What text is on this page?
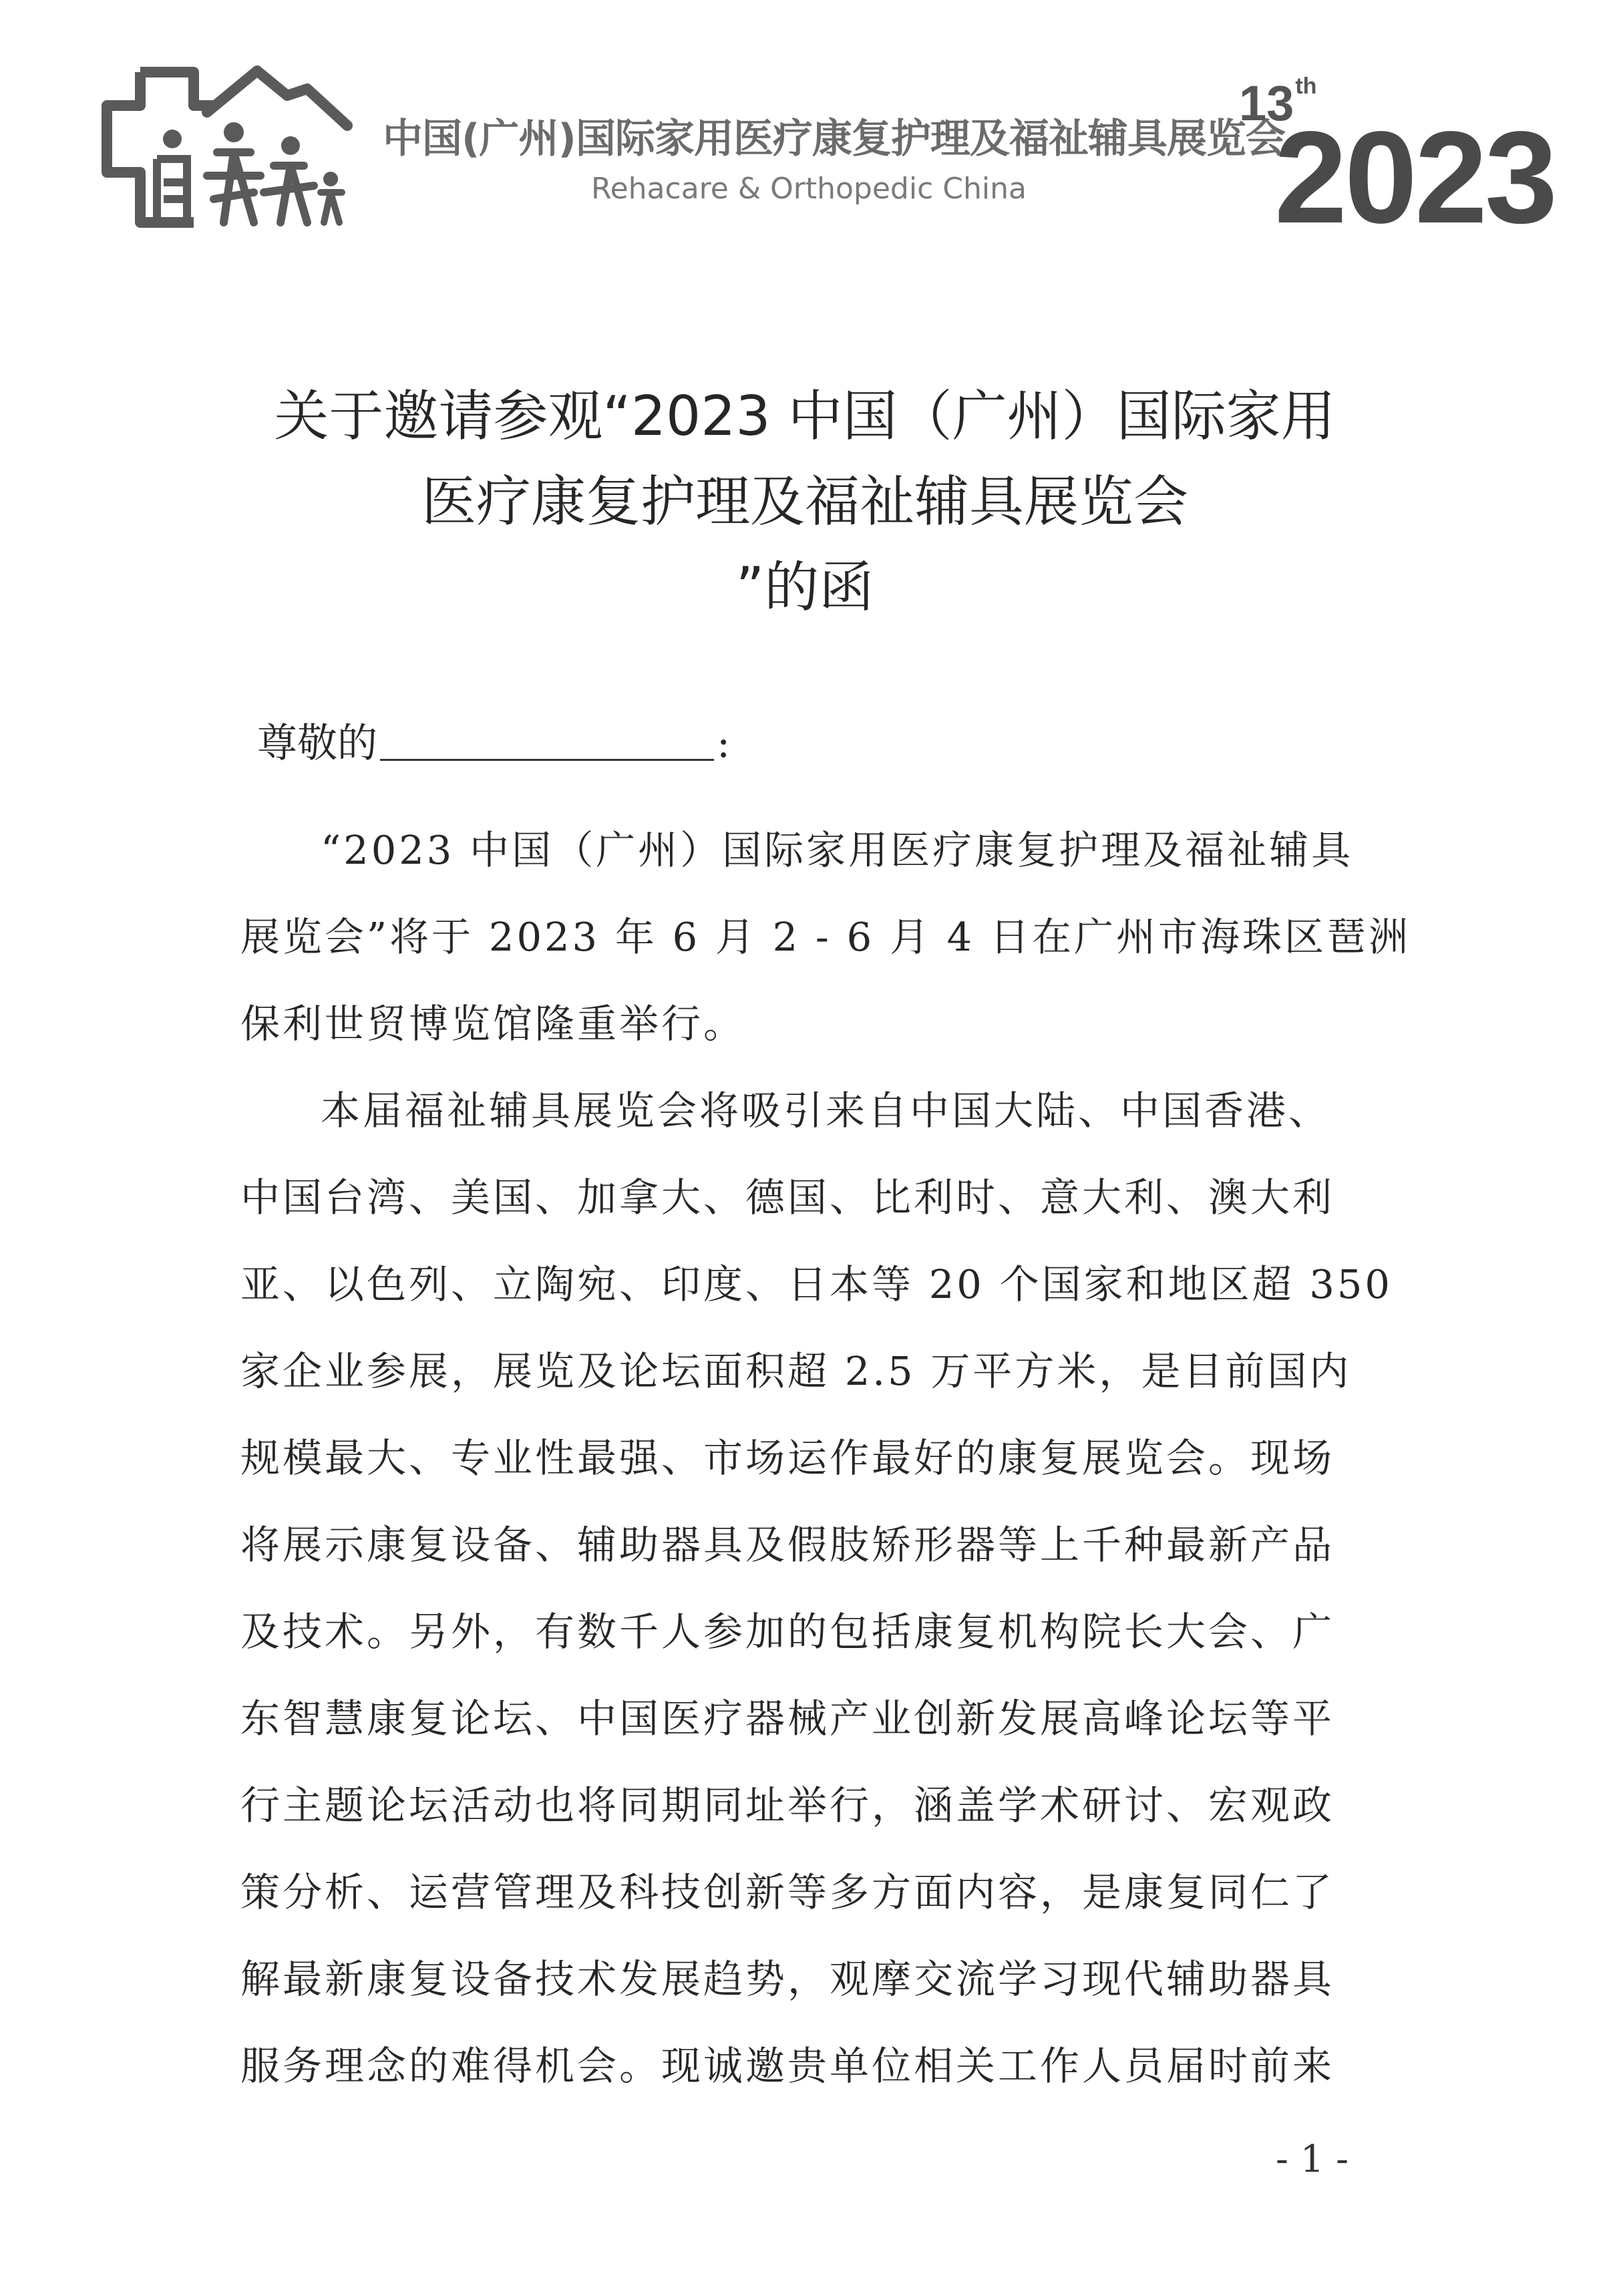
中国(广州)国际家用医疗康复护理及福祉辅具展览会
Rehacare & Orthopedic China
13th
2023
关于邀请参观“2023 中国（广州）国际家用
医疗康复护理及福祉辅具展览会
”的函
尊敬的	:
“2023 中国（广州）国际家用医疗康复护理及福祉辅具
展览会”将于 2023 年 6 月 2 - 6 月 4 日在广州市海珠区琶洲
保利世贸博览馆隆重举行。
本届福祉辅具展览会将吸引来自中国大陆、中国香港、
中国台湾、美国、加拿大、德国、比利时、意大利、澳大利
亚、以色列、立陶宛、印度、日本等 20 个国家和地区超 350
家企业参展，展览及论坛面积超 2.5 万平方米，是目前国内
规模最大、专业性最强、市场运作最好的康复展览会。现场
将展示康复设备、辅助器具及假肢矫形器等上千种最新产品
及技术。另外，有数千人参加的包括康复机构院长大会、广
东智慧康复论坛、中国医疗器械产业创新发展高峰论坛等平
行主题论坛活动也将同期同址举行，涵盖学术研讨、宏观政
策分析、运营管理及科技创新等多方面内容，是康复同仁了
解最新康复设备技术发展趋势，观摩交流学习现代辅助器具
服务理念的难得机会。现诚邀贵单位相关工作人员届时前来
- 1 -
